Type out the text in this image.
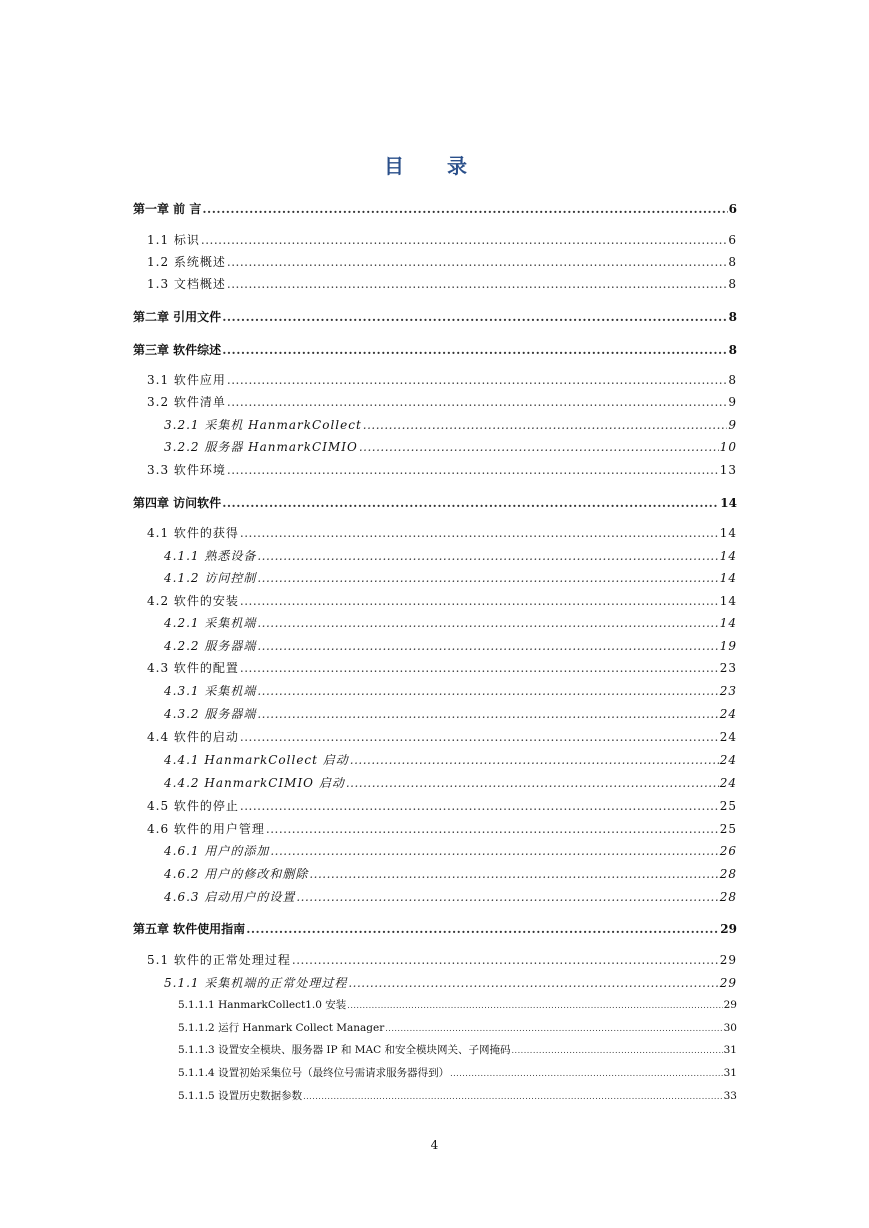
目 录
第一章 前 言 .....	6
1.1 标识 .....	6
1.2 系统概述 .....	8
1.3 文档概述 .....	8
第二章 引用文件 .....	8
第三章 软件综述 .....	8
3.1 软件应用 .....	8
3.2 软件清单 .....	9
3.2.1 采集机 HanmarkCollect .....	9
3.2.2 服务器 HanmarkCIMIO .....	10
3.3 软件环境 .....	13
第四章 访问软件 .....	14
4.1 软件的获得 .....	14
4.1.1 熟悉设备 .....	14
4.1.2 访问控制 .....	14
4.2 软件的安装 .....	14
4.2.1 采集机端 .....	14
4.2.2 服务器端 .....	19
4.3 软件的配置 .....	23
4.3.1 采集机端 .....	23
4.3.2 服务器端 .....	24
4.4 软件的启动 .....	24
4.4.1 HanmarkCollect 启动 .....	24
4.4.2 HanmarkCIMIO 启动 .....	24
4.5 软件的停止 .....	25
4.6 软件的用户管理 .....	25
4.6.1 用户的添加 .....	26
4.6.2 用户的修改和删除 .....	28
4.6.3 启动用户的设置 .....	28
第五章 软件使用指南 .....	29
5.1 软件的正常处理过程 .....	29
5.1.1 采集机端的正常处理过程 .....	29
5.1.1.1 HanmarkCollect1.0 安装 .....	29
5.1.1.2 运行 Hanmark Collect Manager .....	30
5.1.1.3 设置安全模块、服务器 IP 和 MAC 和安全模块网关、子网掩码 .....	31
5.1.1.4 设置初始采集位号（最终位号需请求服务器得到） .....	31
5.1.1.5 设置历史数据参数 .....	33
4
